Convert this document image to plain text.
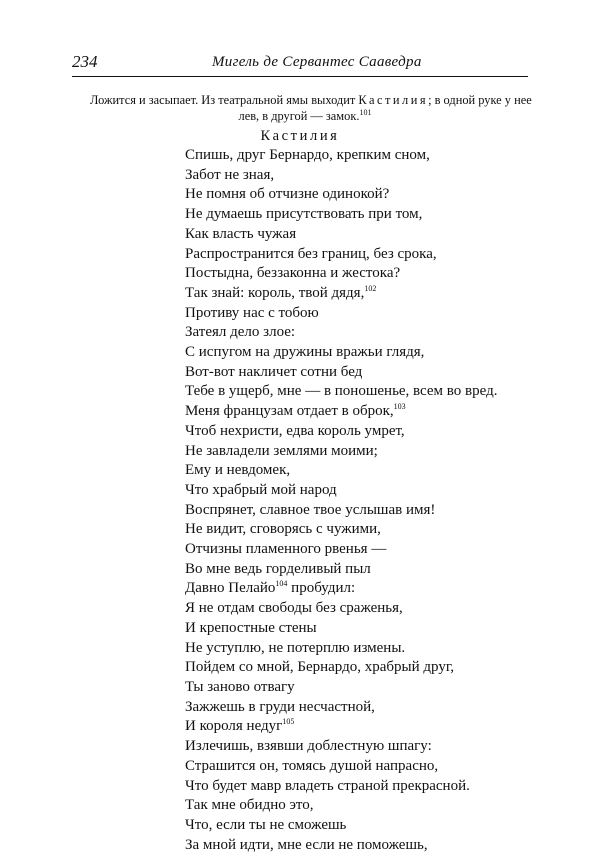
234	Мигель де Сервантес Сааведра
Ложится и засыпает. Из театральной ямы выходит Кастилия; в одной руке у нее
лев, в другой — замок.$^{101}$
Кастилия
Спишь, друг Бернардо, крепким сном,
Забот не зная,
Не помня об отчизне одинокой?
Не думаешь присутствовать при том,
Как власть чужая
Распространится без границ, без срока,
Постыдна, беззаконна и жестока?
Так знай: король, твой дядя,$^{102}$
Противу нас с тобою
Затеял дело злое:
С испугом на дружины вражьи глядя,
Вот-вот накличет сотни бед
Тебе в ущерб, мне — в поношенье, всем во вред.
Меня французам отдает в оброк,$^{103}$
Чтоб нехристи, едва король умрет,
Не завладели землями моими;
Ему и невдомек,
Что храбрый мой народ
Воспрянет, славное твое услышав имя!
Не видит, сговорясь с чужими,
Отчизны пламенного рвенья —
Во мне ведь горделивый пыл
Давно Пелайо$^{104}$ пробудил:
Я не отдам свободы без сраженья,
И крепостные стены
Не уступлю, не потерплю измены.
Пойдем со мной, Бернардо, храбрый друг,
Ты заново отвагу
Зажжешь в груди несчастной,
И короля недуг$^{105}$
Излечишь, взявши доблестную шпагу:
Страшится он, томясь душой напрасно,
Что будет мавр владеть страной прекрасной.
Так мне обидно это,
Что, если ты не сможешь
За мной идти, мне если не поможешь,
